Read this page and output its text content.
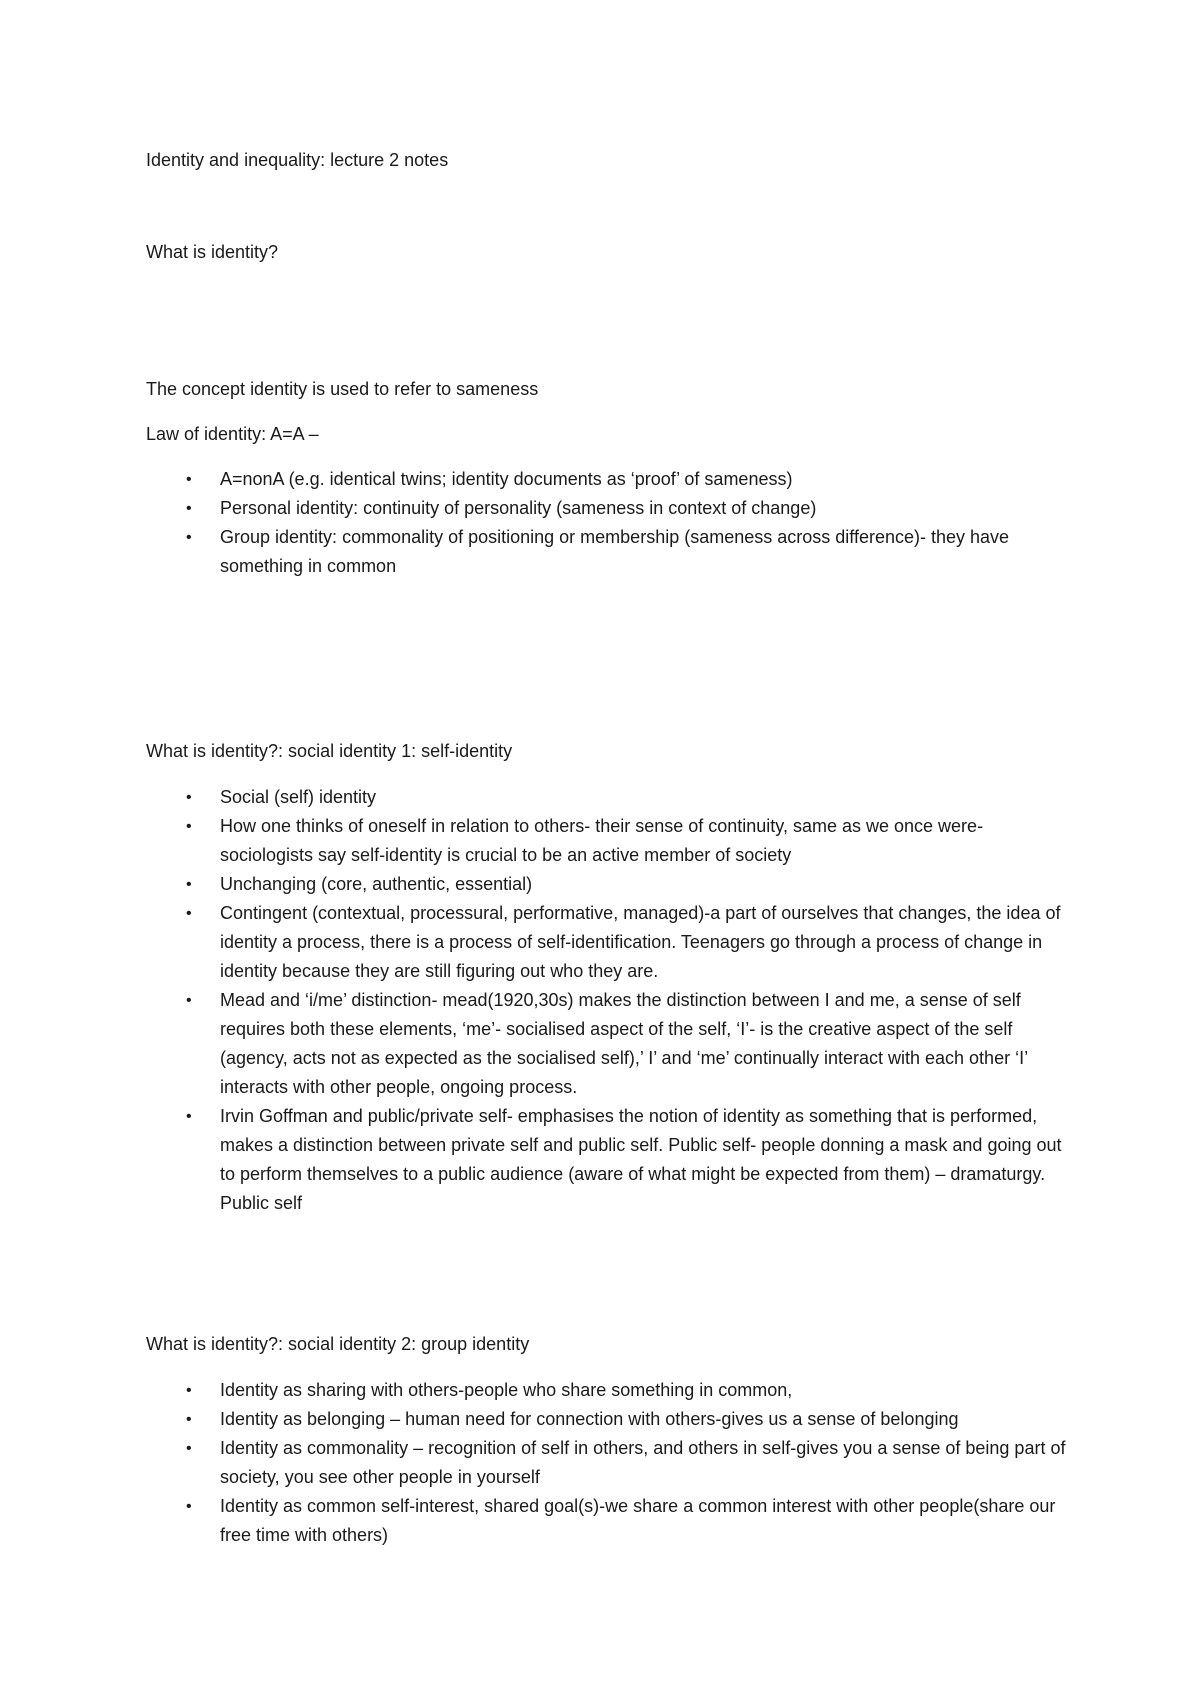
Identity and inequality: lecture 2 notes

What is identity?

The concept identity is used to refer to sameness

Law of identity: A=A –

• A=nonA (e.g. identical twins; identity documents as ‘proof’ of sameness)
• Personal identity: continuity of personality (sameness in context of change)
• Group identity: commonality of positioning or membership (sameness across difference)- they have something in common

What is identity?: social identity 1: self-identity

• Social (self) identity
• How one thinks of oneself in relation to others- their sense of continuity, same as we once were- sociologists say self-identity is crucial to be an active member of society
• Unchanging (core, authentic, essential)
• Contingent (contextual, processural, performative, managed)-a part of ourselves that changes, the idea of identity a process, there is a process of self-identification. Teenagers go through a process of change in identity because they are still figuring out who they are.
• Mead and ‘i/me’ distinction- mead(1920,30s) makes the distinction between I and me, a sense of self requires both these elements, ‘me’- socialised aspect of the self, ‘I’- is the creative aspect of the self (agency, acts not as expected as the socialised self),’ I’ and ‘me’ continually interact with each other ‘I’ interacts with other people, ongoing process.
• Irvin Goffman and public/private self- emphasises the notion of identity as something that is performed, makes a distinction between private self and public self. Public self- people donning a mask and going out to perform themselves to a public audience (aware of what might be expected from them) – dramaturgy. Public self

What is identity?: social identity 2: group identity

• Identity as sharing with others-people who share something in common,
• Identity as belonging – human need for connection with others-gives us a sense of belonging
• Identity as commonality – recognition of self in others, and others in self-gives you a sense of being part of society, you see other people in yourself
• Identity as common self-interest, shared goal(s)-we share a common interest with other people(share our free time with others)
